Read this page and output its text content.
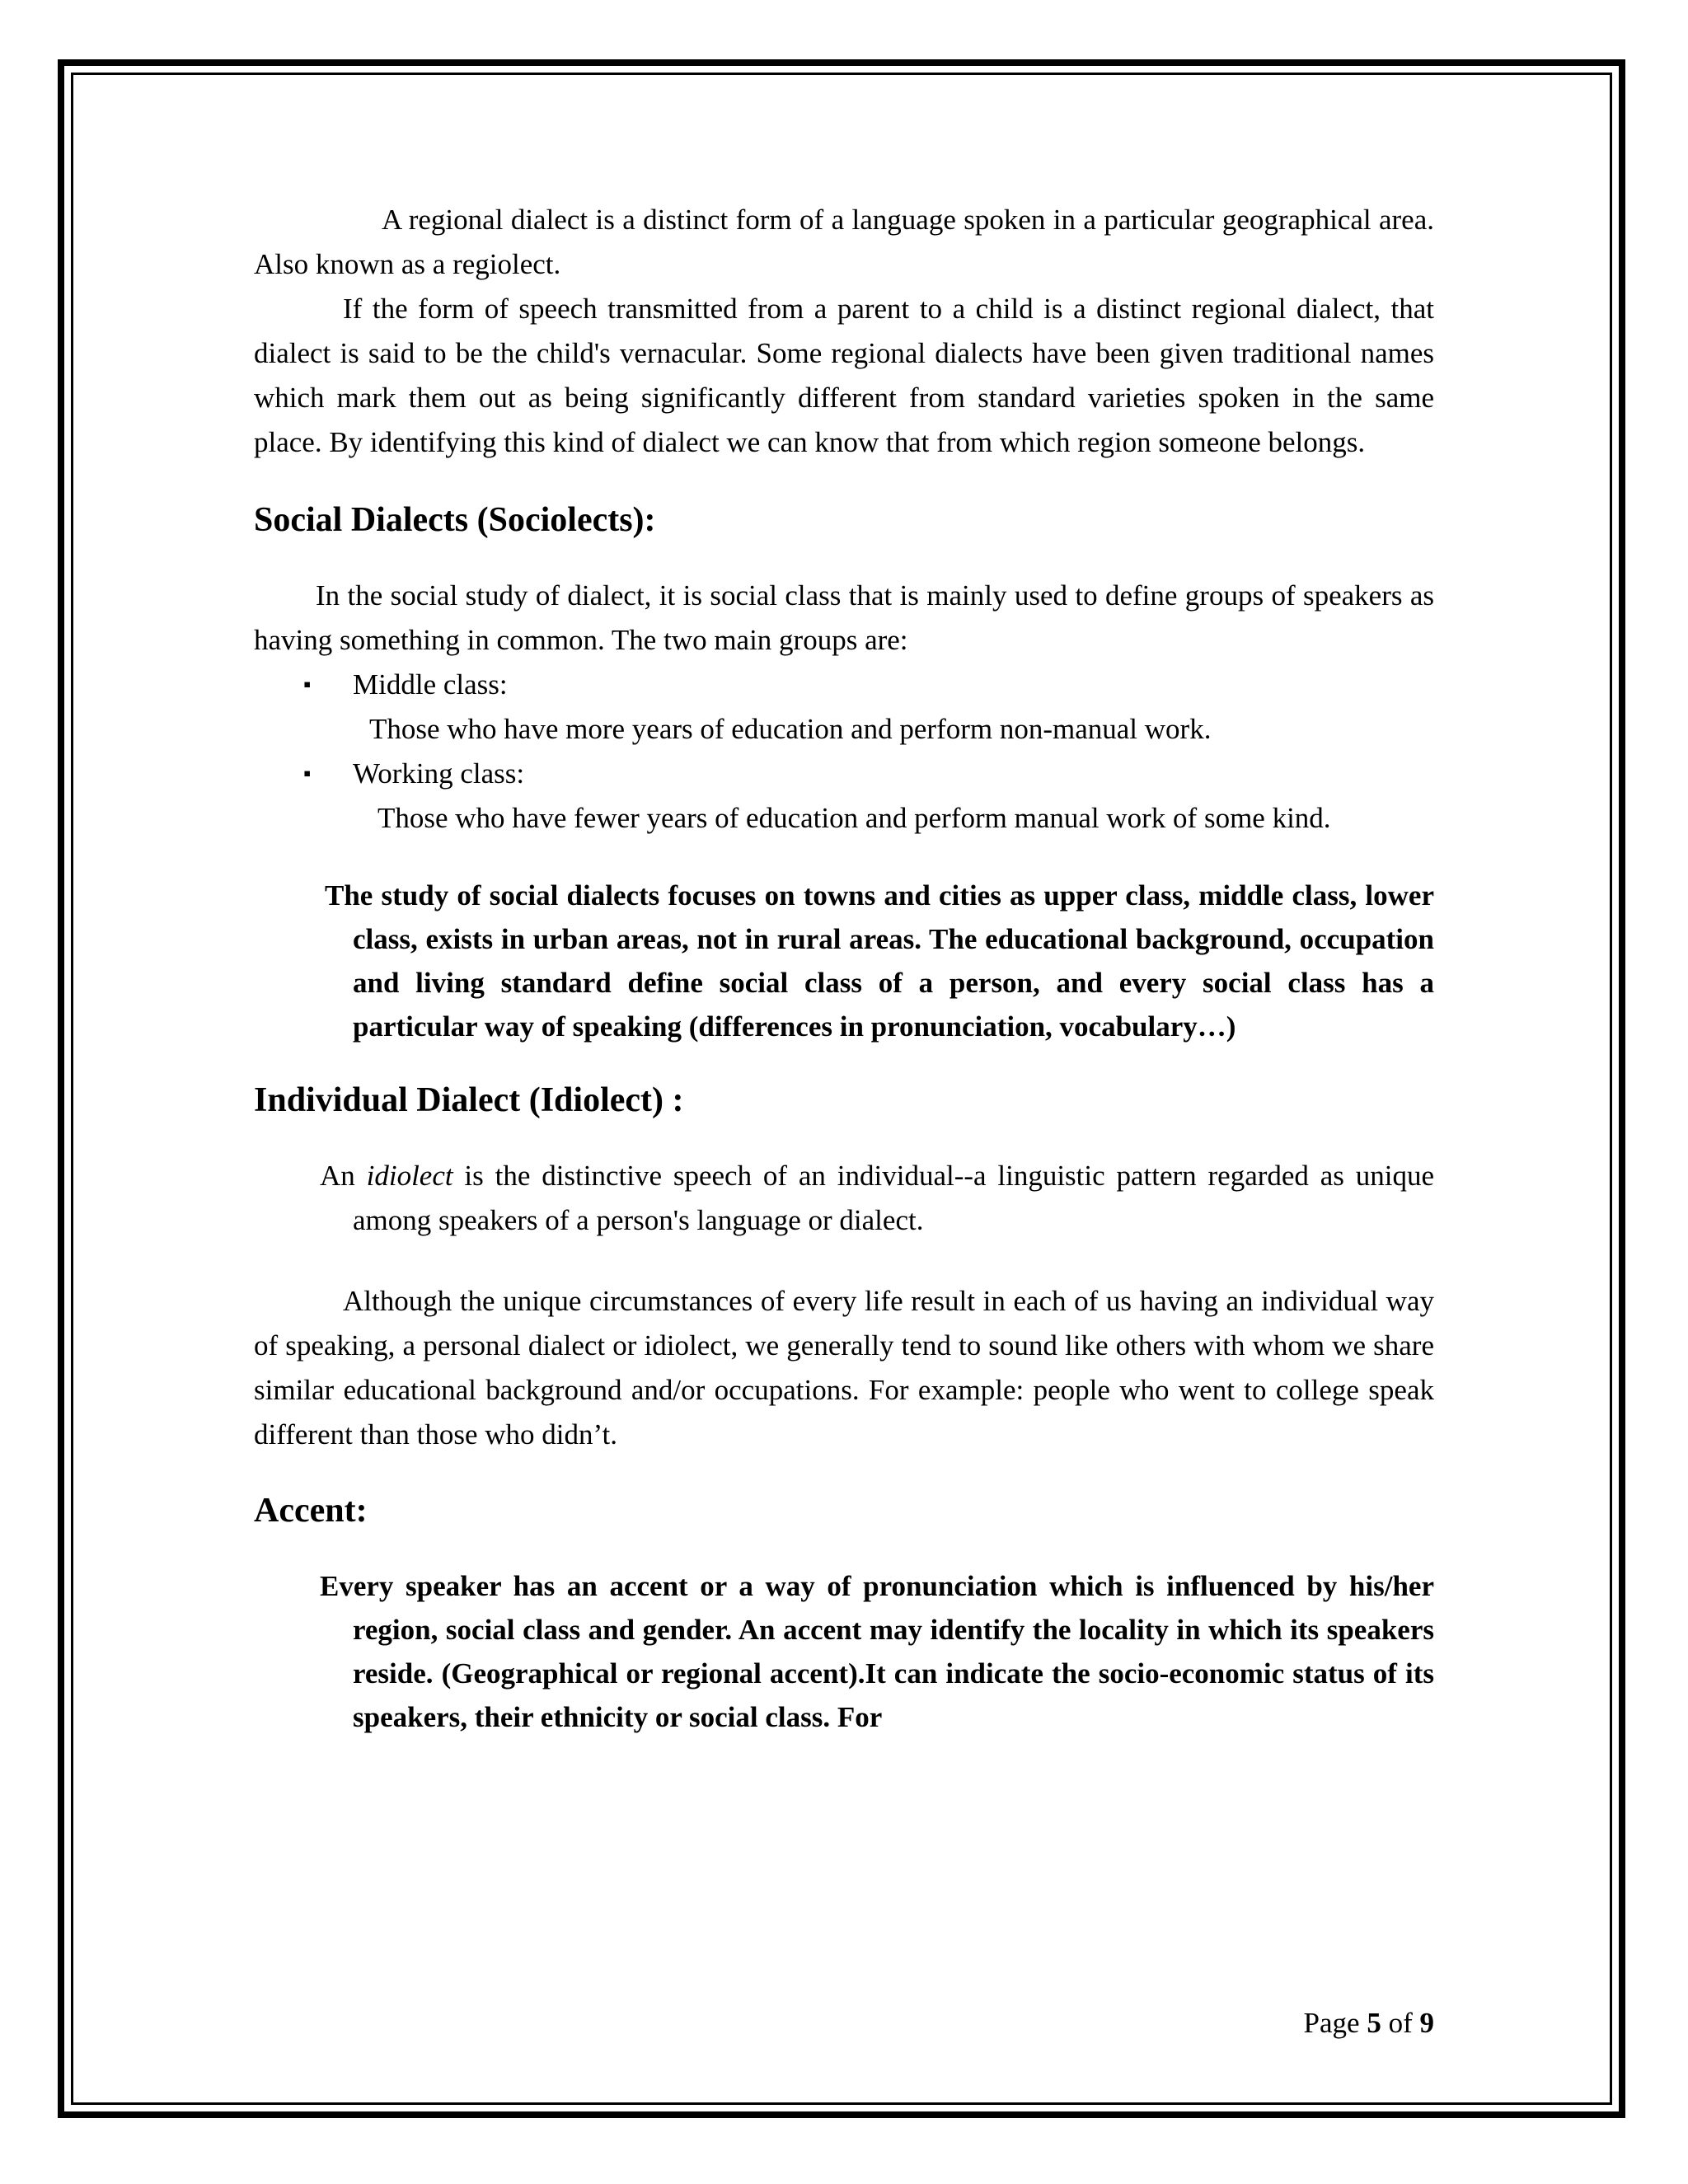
A regional dialect is a distinct form of a language spoken in a particular geographical area. Also known as a regiolect.

If the form of speech transmitted from a parent to a child is a distinct regional dialect, that dialect is said to be the child's vernacular. Some regional dialects have been given traditional names which mark them out as being significantly different from standard varieties spoken in the same place. By identifying this kind of dialect we can know that from which region someone belongs.

Social Dialects (Sociolects):

In the social study of dialect, it is social class that is mainly used to define groups of speakers as having something in common. The two main groups are:

▪ Middle class:
Those who have more years of education and perform non-manual work.
▪ Working class:
Those who have fewer years of education and perform manual work of some kind.

The study of social dialects focuses on towns and cities as upper class, middle class, lower class, exists in urban areas, not in rural areas. The educational background, occupation and living standard define social class of a person, and every social class has a particular way of speaking (differences in pronunciation, vocabulary…)

Individual Dialect (Idiolect) :

An idiolect is the distinctive speech of an individual--a linguistic pattern regarded as unique among speakers of a person's language or dialect.

Although the unique circumstances of every life result in each of us having an individual way of speaking, a personal dialect or idiolect, we generally tend to sound like others with whom we share similar educational background and/or occupations. For example: people who went to college speak different than those who didn’t.

Accent:

Every speaker has an accent or a way of pronunciation which is influenced by his/her region, social class and gender. An accent may identify the locality in which its speakers reside. (Geographical or regional accent).It can indicate the socio-economic status of its speakers, their ethnicity or social class. For

Page 5 of 9
